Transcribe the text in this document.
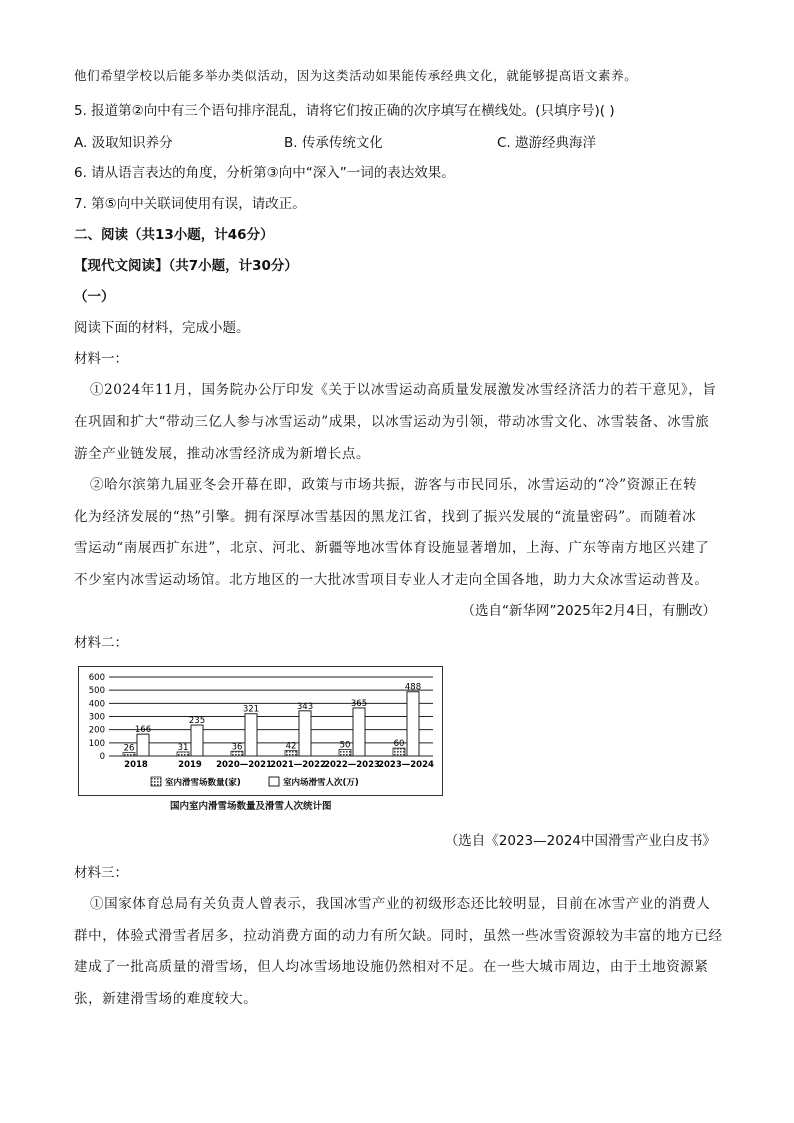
他们希望学校以后能多举办类似活动，因为这类活动如果能传承经典文化，就能够提高语文素养。
5. 报道第②向中有三个语句排序混乱，请将它们按正确的次序填写在横线处。(只填序号)( )
A. 汲取知识养分	B. 传承传统文化	C. 遨游经典海洋
6. 请从语言表达的角度，分析第③向中“深入”一词的表达效果。
7. 第⑤向中关联词使用有误，请改正。
二、阅读（共13小题，计46分）
【现代文阅读】（共7小题，计30分）
（一）
阅读下面的材料，完成小题。
材料一：
①2024年11月，国务院办公厅印发《关于以冰雪运动高质量发展激发冰雪经济活力的若干意见》，旨
在巩固和扩大“带动三亿人参与冰雪运动”成果，以冰雪运动为引领，带动冰雪文化、冰雪装备、冰雪旅
游全产业链发展，推动冰雪经济成为新增长点。
②哈尔滨第九届亚冬会开幕在即，政策与市场共振，游客与市民同乐，冰雪运动的“冷”资源正在转
化为经济发展的“热”引擎。拥有深厚冰雪基因的黑龙江省，找到了振兴发展的“流量密码”。而随着冰
雪运动“南展西扩东进”，北京、河北、新疆等地冰雪体育设施显著增加，上海、广东等南方地区兴建了
不少室内冰雪运动场馆。北方地区的一大批冰雪项目专业人才走向全国各地，助力大众冰雪运动普及。
（选自“新华网”2025年2月4日，有删改）
材料二：
0
100
200
300
400
500
600
26
166
2018
31
235
2019
36
321
2020—2021
42
343
2021—2022
50
365
2022—2023
60
488
2023—2024
室内滑雪场数量(家)	室内场滑雪人次(万)
国内室内滑雪场数量及滑雪人次统计图
（选自《2023—2024中国滑雪产业白皮书》
材料三：
①国家体育总局有关负责人曾表示，我国冰雪产业的初级形态还比较明显，目前在冰雪产业的消费人
群中，体验式滑雪者居多，拉动消费方面的动力有所欠缺。同时，虽然一些冰雪资源较为丰富的地方已经
建成了一批高质量的滑雪场，但人均冰雪场地设施仍然相对不足。在一些大城市周边，由于土地资源紧
张，新建滑雪场的难度较大。
